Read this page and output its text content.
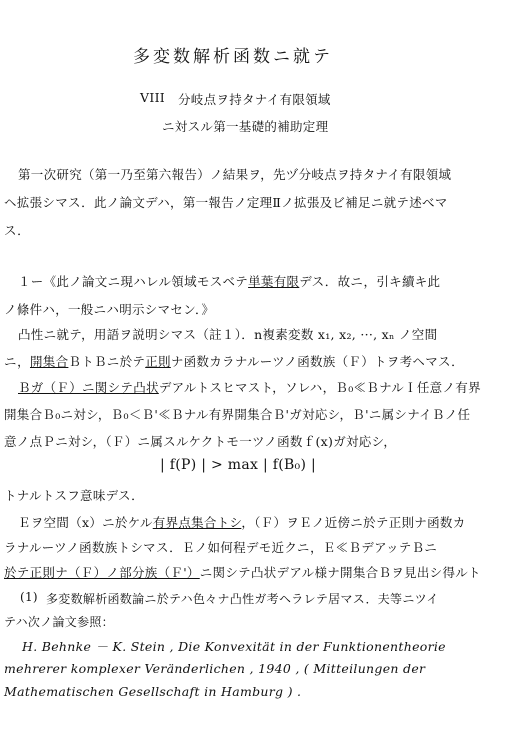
多変数解析函数ニ就テ
VIII 分岐点ヲ持タナイ有限領域
ニ対スル第一基礎的補助定理
第一次研究（第一乃至第六報告）ノ結果ヲ，先ヅ分岐点ヲ持タナイ有限領域
ヘ拡張シマス．此ノ論文デハ，第一報告ノ定理Ⅱノ拡張及ビ補足ニ就テ述べマ
ス．
１ー《此ノ論文ニ現ハレル領域モスベテ単葉有限デス．故ニ，引キ續キ此
ノ條件ハ，一般ニハ明示シマセン．》
凸性ニ就テ，用語ヲ説明シマス（註１）．n複素変数 x₁, x₂, ···, xₙ ノ空間
ニ，開集合ＢトＢニ於テ正則ナ函数カラナルーツノ函数族（Ｆ）トヲ考ヘマス．
Ｂガ（Ｆ）ニ関シテ凸状デアルトスヒマスト，ソレハ，Ｂ₀≪ＢナルＩ任意ノ有界
開集合Ｂ₀ニ対シ，Ｂ₀＜Ｂ'≪Ｂナル有界開集合Ｂ'ガ対応シ，Ｂ'ニ属シナイＢノ任
意ノ点Ｐニ対シ，（Ｆ）ニ属スルケクトモ一ツノ函数ｆ(x)ガ対応シ，
| f(P) | > max | f(B₀) |
トナルトスフ意味デス．
Ｅヲ空間（x）ニ於ケル有界点集合トシ，（Ｆ）ヲＥノ近傍ニ於テ正則ナ函数カ
ラナルーツノ函数族トシマス．Ｅノ如何程デモ近クニ，Ｅ≪ＢデアッテＢニ
於テ正則ナ（Ｆ）ノ部分族（Ｆ'）ニ関シテ凸状デアル様ナ開集合Ｂヲ見出シ得ルト
(1) 多変数解析函数論ニ於テハ色々ナ凸性ガ考ヘラレテ居マス．夫等ニツイ
テハ次ノ論文参照：
H. Behnke － K. Stein , Die Konvexität in der Funktionentheorie
mehrerer komplexer Veränderlichen , 1940 , ( Mitteilungen der
Mathematischen Gesellschaft in Hamburg ) .
